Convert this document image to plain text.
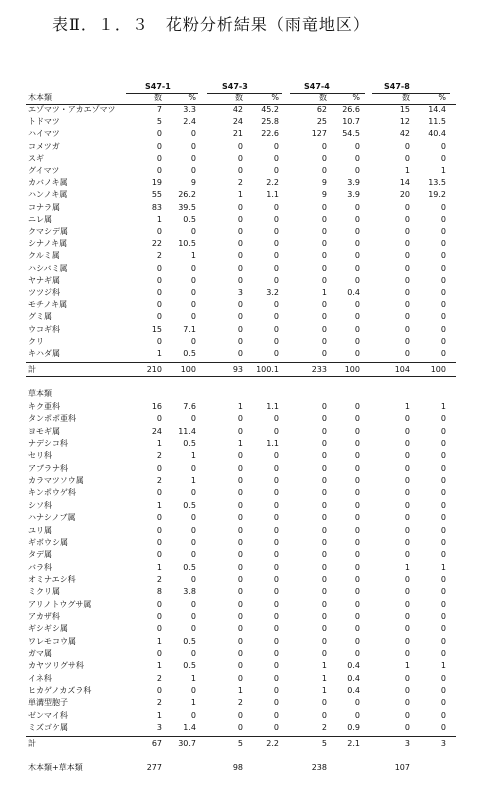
表Ⅱ．１．３　花粉分析結果（雨竜地区）
S47-1	S47-3	S47-4	S47-8
木本類	数	%	数	%	数	%	数	%
エゾマツ・アカエゾマツ	7	3.3	42	45.2	62	26.6	15	14.4
トドマツ	5	2.4	24	25.8	25	10.7	12	11.5
ハイマツ	0	0	21	22.6	127	54.5	42	40.4
コメツガ	0	0	0	0	0	0	0	0
スギ	0	0	0	0	0	0	0	0
グイマツ	0	0	0	0	0	0	1	1
カバノキ属	19	9	2	2.2	9	3.9	14	13.5
ハンノキ属	55	26.2	1	1.1	9	3.9	20	19.2
コナラ属	83	39.5	0	0	0	0	0	0
ニレ属	1	0.5	0	0	0	0	0	0
クマシデ属	0	0	0	0	0	0	0	0
シナノキ属	22	10.5	0	0	0	0	0	0
クルミ属	2	1	0	0	0	0	0	0
ハシバミ属	0	0	0	0	0	0	0	0
ヤナギ属	0	0	0	0	0	0	0	0
ツツジ科	0	0	3	3.2	1	0.4	0	0
モチノキ属	0	0	0	0	0	0	0	0
グミ属	0	0	0	0	0	0	0	0
ウコギ科	15	7.1	0	0	0	0	0	0
クリ	0	0	0	0	0	0	0	0
キハダ属	1	0.5	0	0	0	0	0	0
計	210	100	93	100.1	233	100	104	100
草本類
キク亜科	16	7.6	1	1.1	0	0	1	1
タンポポ亜科	0	0	0	0	0	0	0	0
ヨモギ属	24	11.4	0	0	0	0	0	0
ナデシコ科	1	0.5	1	1.1	0	0	0	0
セリ科	2	1	0	0	0	0	0	0
アブラナ科	0	0	0	0	0	0	0	0
カラマツソウ属	2	1	0	0	0	0	0	0
キンポウゲ科	0	0	0	0	0	0	0	0
シソ科	1	0.5	0	0	0	0	0	0
ハナシノブ属	0	0	0	0	0	0	0	0
ユリ属	0	0	0	0	0	0	0	0
ギボウシ属	0	0	0	0	0	0	0	0
タデ属	0	0	0	0	0	0	0	0
バラ科	1	0.5	0	0	0	0	1	1
オミナエシ科	2	0	0	0	0	0	0	0
ミクリ属	8	3.8	0	0	0	0	0	0
アリノトウグサ属	0	0	0	0	0	0	0	0
アカザ科	0	0	0	0	0	0	0	0
ギシギシ属	0	0	0	0	0	0	0	0
ワレモコウ属	1	0.5	0	0	0	0	0	0
ガマ属	0	0	0	0	0	0	0	0
カヤツリグサ科	1	0.5	0	0	1	0.4	1	1
イネ科	2	1	0	0	1	0.4	0	0
ヒカゲノカズラ科	0	0	1	0	1	0.4	0	0
単溝型胞子	2	1	2	0	0	0	0	0
ゼンマイ科	1	0	0	0	0	0	0	0
ミズゴケ属	3	1.4	0	0	2	0.9	0	0
計	67	30.7	5	2.2	5	2.1	3	3
木本類+草本類	277	98	238	107
